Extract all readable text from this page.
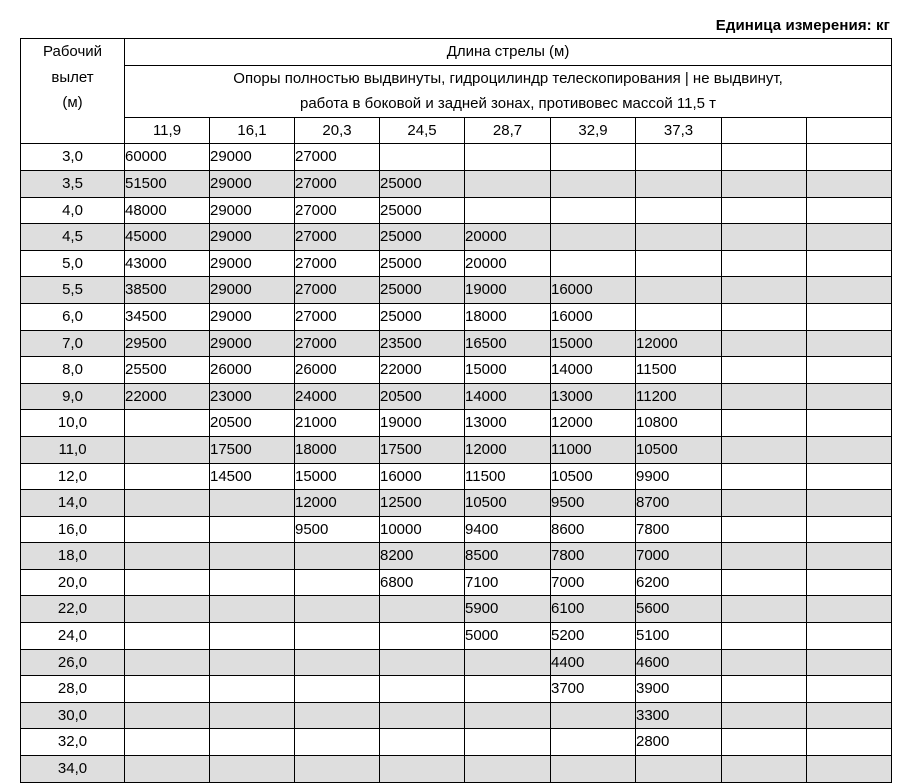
Единица измерения: кг
Рабочий
вылет
(м)	Длина стрелы (м)								

	Опоры полностью выдвинуты, гидроцилиндр телескопирования | не выдвинут,
работа в боковой и задней зонах, противовес массой 11,5 т								

	11,9	16,1	20,3	24,5	28,7	32,9	37,3		
3,0	60000	29000	27000						
3,5	51500	29000	27000	25000					
4,0	48000	29000	27000	25000					
4,5	45000	29000	27000	25000	20000				
5,0	43000	29000	27000	25000	20000				
5,5	38500	29000	27000	25000	19000	16000			
6,0	34500	29000	27000	25000	18000	16000			
7,0	29500	29000	27000	23500	16500	15000	12000		
8,0	25500	26000	26000	22000	15000	14000	11500		
9,0	22000	23000	24000	20500	14000	13000	11200		
10,0		20500	21000	19000	13000	12000	10800		
11,0		17500	18000	17500	12000	11000	10500		
12,0		14500	15000	16000	11500	10500	9900		
14,0			12000	12500	10500	9500	8700		
16,0			9500	10000	9400	8600	7800		
18,0				8200	8500	7800	7000		
20,0				6800	7100	7000	6200		
22,0					5900	6100	5600		
24,0					5000	5200	5100		
26,0						4400	4600		
28,0						3700	3900		
30,0							3300		
32,0							2800		
34,0									
